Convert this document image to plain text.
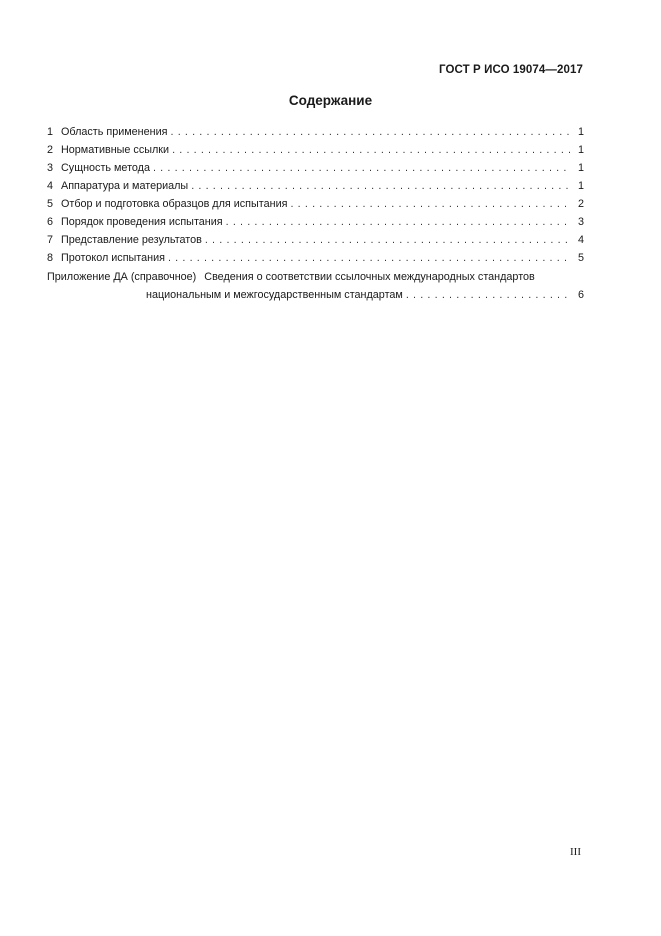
ГОСТ Р ИСО 19074—2017
Содержание
1 Область применения . . .	1
2 Нормативные ссылки . . .	1
3 Сущность метода . . .	1
4 Аппаратура и материалы . . .	1
5 Отбор и подготовка образцов для испытания . . .	2
6 Порядок проведения испытания . . .	3
7 Представление результатов . . .	4
8 Протокол испытания . . .	5
Приложение ДА (справочное) Сведения о соответствии ссылочных международных стандартов
национальным и межгосударственным стандартам . . .	6
III
